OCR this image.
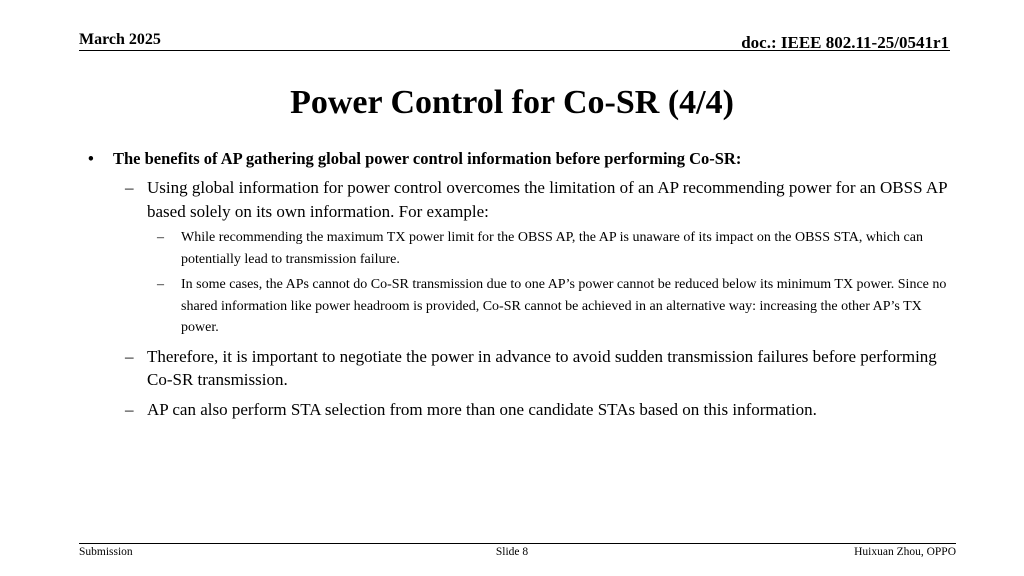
March 2025	doc.: IEEE 802.11-25/0541r1
Power Control for Co-SR (4/4)
• The benefits of AP gathering global power control information before performing Co-SR:
– Using global information for power control overcomes the limitation of an AP recommending power for an OBSS AP based solely on its own information. For example:
– While recommending the maximum TX power limit for the OBSS AP, the AP is unaware of its impact on the OBSS STA, which can potentially lead to transmission failure.
– In some cases, the APs cannot do Co-SR transmission due to one AP’s power cannot be reduced below its minimum TX power. Since no shared information like power headroom is provided, Co-SR cannot be achieved in an alternative way: increasing the other AP’s TX power.
– Therefore, it is important to negotiate the power in advance to avoid sudden transmission failures before performing Co-SR transmission.
– AP can also perform STA selection from more than one candidate STAs based on this information.
Submission	Slide 8	Huixuan Zhou, OPPO
